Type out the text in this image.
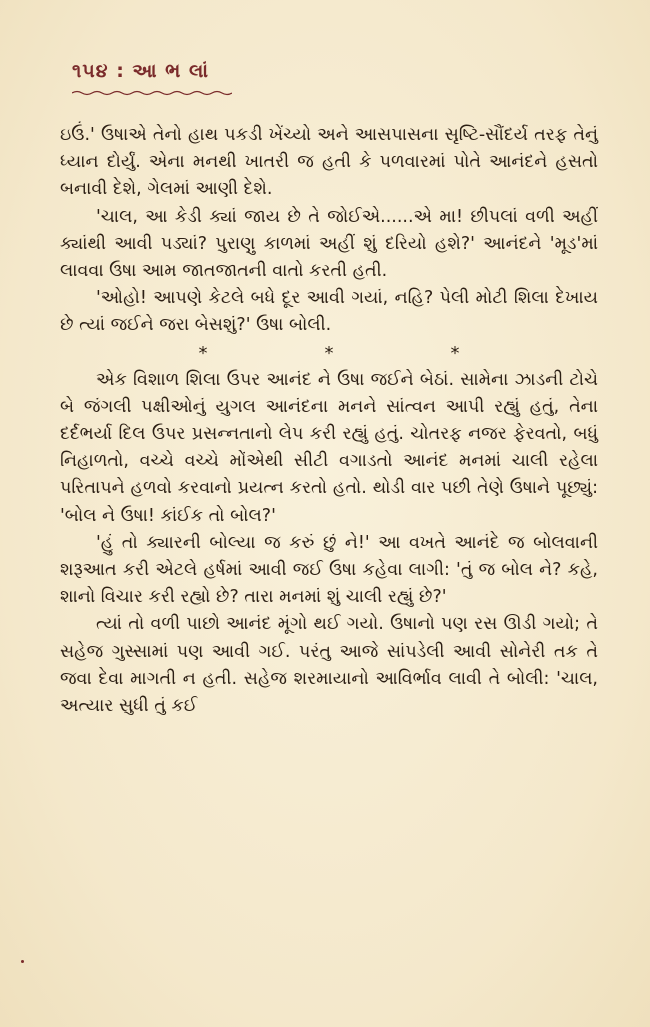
૧૫૪ : આ ભ લાં

ઇઉં.' ઉષાએ તેનો હાથ પકડી ખેંચ્યો અને આસપાસના સૃષ્ટિ-સૌંદર્ય તરફ તેનું ધ્યાન દોર્યું. એના મનથી ખાતરી જ હતી કે પળવારમાં પોતે આનંદને હસતો બનાવી દેશે, ગેલમાં આણી દેશે.

'ચાલ, આ કેડી ક્યાં જાય છે તે જોઈએ......એ મા! છીપલાં વળી અહીં ક્યાંથી આવી પડ્યાં? પુરાણુ કાળમાં અહીં શું દરિયો હશે?' આનંદને 'મૂડ'માં લાવવા ઉષા આમ જાતજાતની વાતો કરતી હતી.

'ઓહો! આપણે કેટલે બધે દૂર આવી ગયાં, નહિ? પેલી મોટી શિલા દેખાય છે ત્યાં જઈને જરા બેસશું?' ઉષા બોલી.

*	*	*

એક વિશાળ શિલા ઉપર આનંદ ને ઉષા જઈને બેઠાં. સામેના ઝાડની ટોચે બે જંગલી પક્ષીઓનું યુગલ આનંદના મનને સાંત્વન આપી રહ્યું હતું, તેના દર્દભર્યા દિલ ઉપર પ્રસન્નતાનો લેપ કરી રહ્યું હતું. ચોતરફ નજર ફેરવતો, બધું નિહાળતો, વચ્ચે વચ્ચે મોંએથી સીટી વગાડતો આનંદ મનમાં ચાલી રહેલા પરિતાપને હળવો કરવાનો પ્રયત્ન કરતો હતો. થોડી વાર પછી તેણે ઉષાને પૂછ્યું: 'બોલ ને ઉષા! કાંઈક તો બોલ?'

'હું તો ક્યારની બોલ્યા જ કરું છું ને!' આ વખતે આનંદે જ બોલવાની શરૂઆત કરી એટલે હર્ષમાં આવી જઈ ઉષા કહેવા લાગી: 'તું જ બોલ ને? કહે, શાનો વિચાર કરી રહ્યો છે? તારા મનમાં શું ચાલી રહ્યું છે?'

ત્યાં તો વળી પાછો આનંદ મૂંગો થઈ ગયો. ઉષાનો પણ રસ ઊડી ગયો; તે સહેજ ગુસ્સામાં પણ આવી ગઈ. પરંતુ આજે સાંપડેલી આવી સોનેરી તક તે જવા દેવા માગતી ન હતી. સહેજ શરમાયાનો આવિર્ભાવ લાવી તે બોલી: 'ચાલ, અત્યાર સુધી તું કઈ
